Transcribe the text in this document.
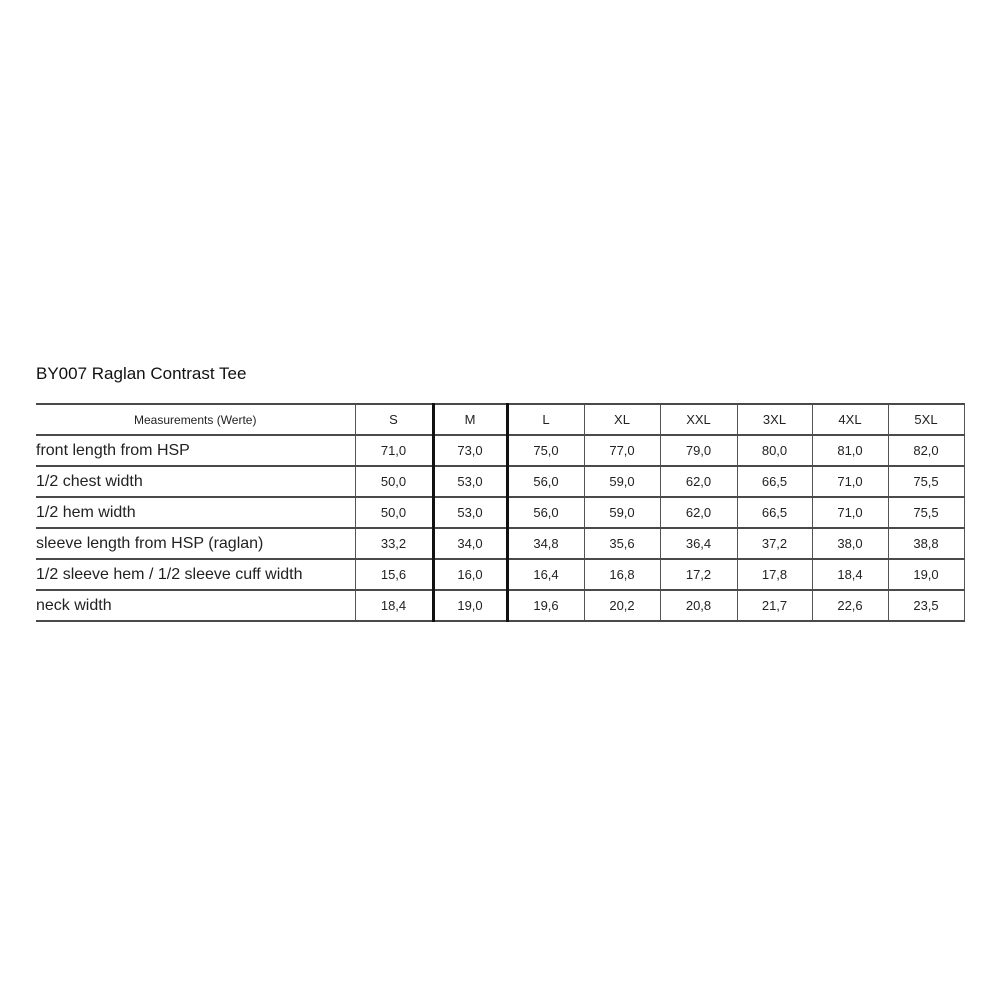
BY007 Raglan Contrast Tee
Measurements (Werte)	S	M	L	XL	XXL	3XL	4XL	5XL
front length from HSP	71,0	73,0	75,0	77,0	79,0	80,0	81,0	82,0
1/2 chest width	50,0	53,0	56,0	59,0	62,0	66,5	71,0	75,5
1/2 hem width	50,0	53,0	56,0	59,0	62,0	66,5	71,0	75,5
sleeve length from HSP (raglan)	33,2	34,0	34,8	35,6	36,4	37,2	38,0	38,8
1/2 sleeve hem / 1/2 sleeve cuff width	15,6	16,0	16,4	16,8	17,2	17,8	18,4	19,0
neck width	18,4	19,0	19,6	20,2	20,8	21,7	22,6	23,5
